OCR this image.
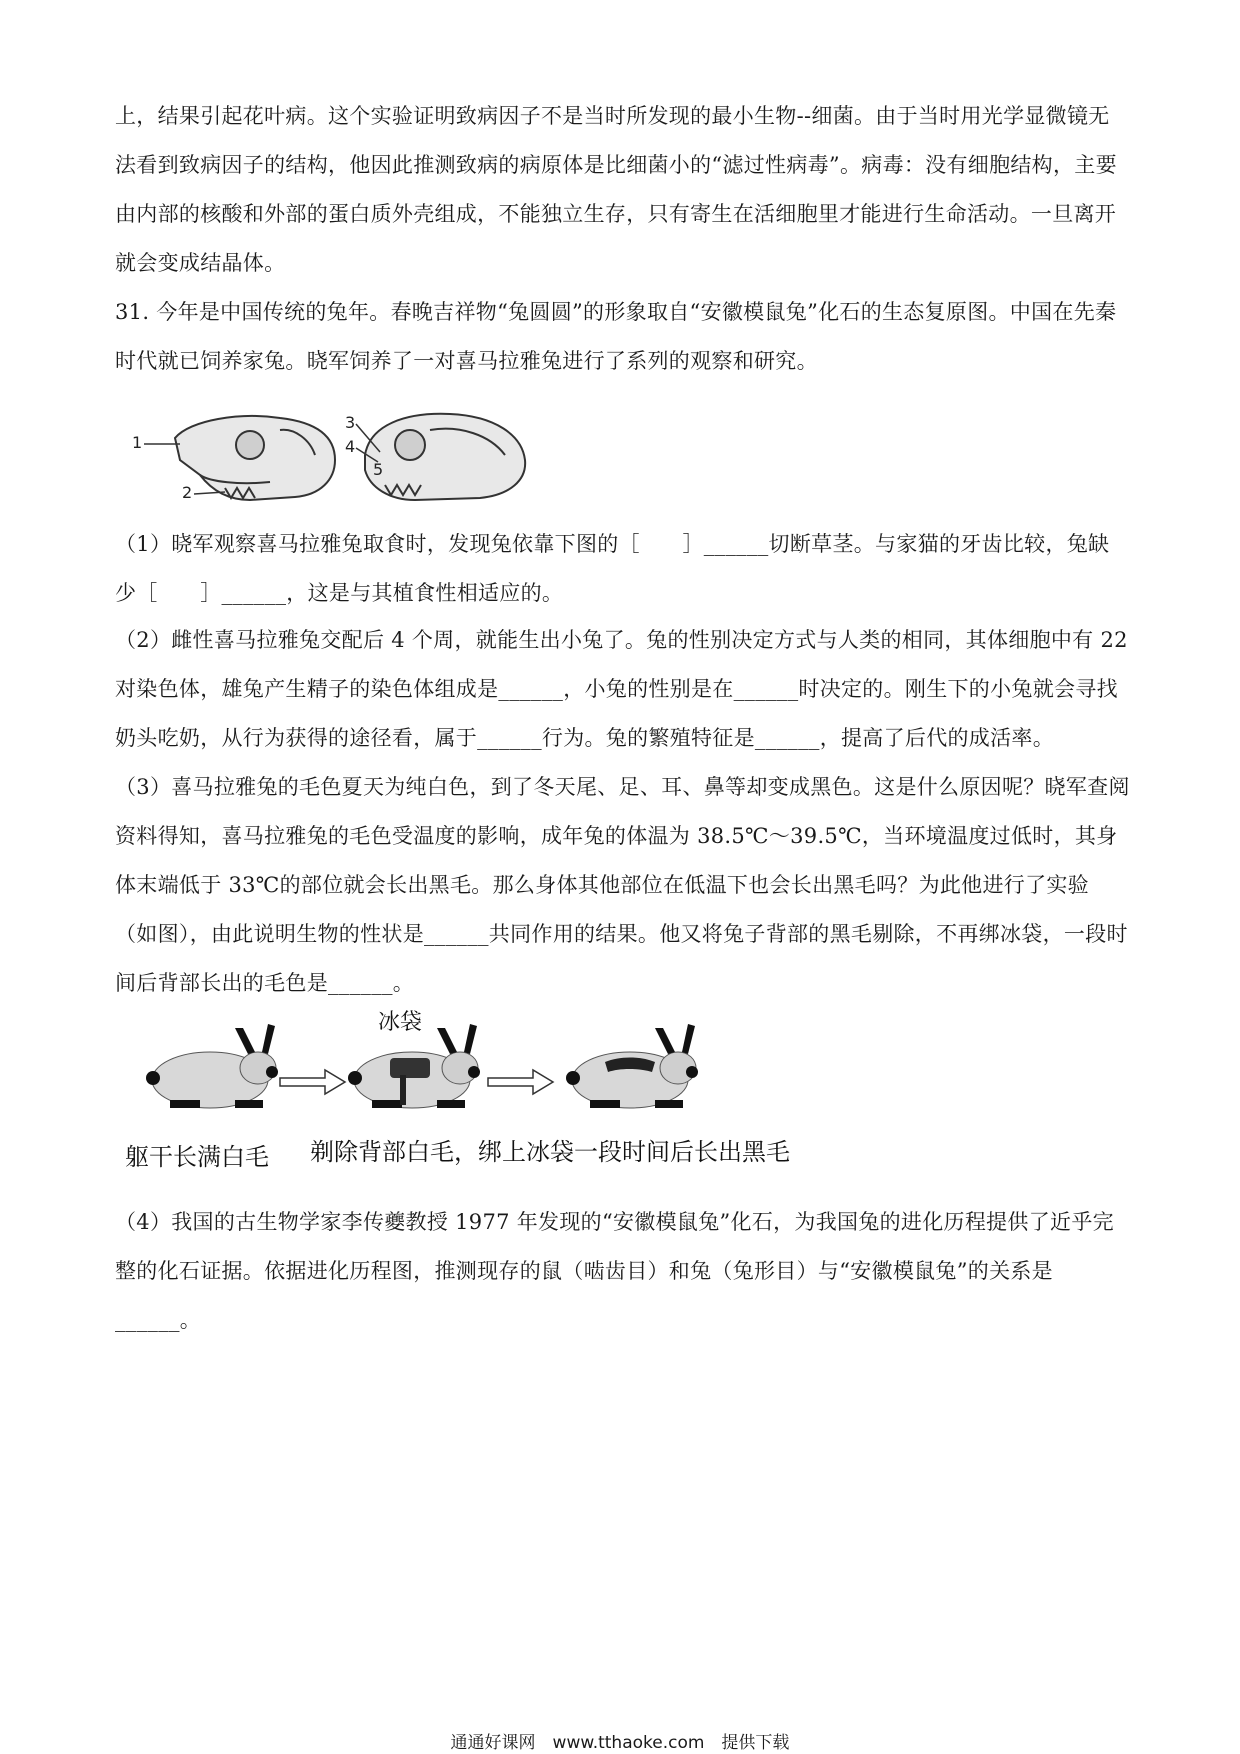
上，结果引起花叶病。这个实验证明致病因子不是当时所发现的最小生物--细菌。由于当时用光学显微镜无法看到致病因子的结构，他因此推测致病的病原体是比细菌小的“滤过性病毒”。病毒：没有细胞结构，主要由内部的核酸和外部的蛋白质外壳组成，不能独立生存，只有寄生在活细胞里才能进行生命活动。一旦离开就会变成结晶体。

31. 今年是中国传统的兔年。春晚吉祥物“兔圆圆”的形象取自“安徽模鼠兔”化石的生态复原图。中国在先秦时代就已饲养家兔。晓军饲养了一对喜马拉雅兔进行了系列的观察和研究。

1
2
3
4
5

（1）晓军观察喜马拉雅兔取食时，发现兔依靠下图的［　　］______切断草茎。与家猫的牙齿比较，兔缺少［　　］______，这是与其植食性相适应的。

（2）雌性喜马拉雅兔交配后 4 个周，就能生出小兔了。兔的性别决定方式与人类的相同，其体细胞中有 22 对染色体，雄兔产生精子的染色体组成是______，小兔的性别是在______时决定的。刚生下的小兔就会寻找奶头吃奶，从行为获得的途径看，属于______行为。兔的繁殖特征是______，提高了后代的成活率。

（3）喜马拉雅兔的毛色夏天为纯白色，到了冬天尾、足、耳、鼻等却变成黑色。这是什么原因呢？晓军查阅资料得知，喜马拉雅兔的毛色受温度的影响，成年兔的体温为 38.5℃～39.5℃，当环境温度过低时，其身体末端低于 33℃的部位就会长出黑毛。那么身体其他部位在低温下也会长出黑毛吗？为此他进行了实验（如图），由此说明生物的性状是______共同作用的结果。他又将兔子背部的黑毛剔除，不再绑冰袋，一段时间后背部长出的毛色是______。

冰袋
躯干长满白毛 剃除背部白毛，绑上冰袋一段时间后长出黑毛

（4）我国的古生物学家李传夔教授 1977 年发现的“安徽模鼠兔”化石，为我国兔的进化历程提供了近乎完整的化石证据。依据进化历程图，推测现存的鼠（啮齿目）和兔（兔形目）与“安徽模鼠兔”的关系是______。

通通好课网　www.tthaoke.com　提供下载
